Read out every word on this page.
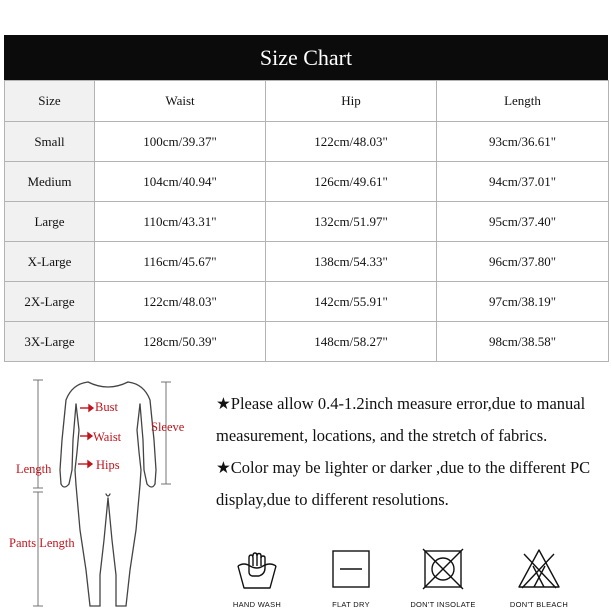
Size Chart
Size	Waist	Hip	Length
Small	100cm/39.37"	122cm/48.03"	93cm/36.61"
Medium	104cm/40.94"	126cm/49.61"	94cm/37.01"
Large	110cm/43.31"	132cm/51.97"	95cm/37.40"
X-Large	116cm/45.67"	138cm/54.33"	96cm/37.80"
2X-Large	122cm/48.03"	142cm/55.91"	97cm/38.19"
3X-Large	128cm/50.39"	148cm/58.27"	98cm/38.58"
Bust
Waist
Hips
Sleeve
Length
Pants Length

★Please allow 0.4-1.2inch measure error,due to manual measurement, locations, and the stretch of fabrics.

★Color may be lighter or darker ,due to the different PC display,due to different resolutions.

HAND WASH	FLAT DRY	DON'T INSOLATE	DON'T BLEACH
